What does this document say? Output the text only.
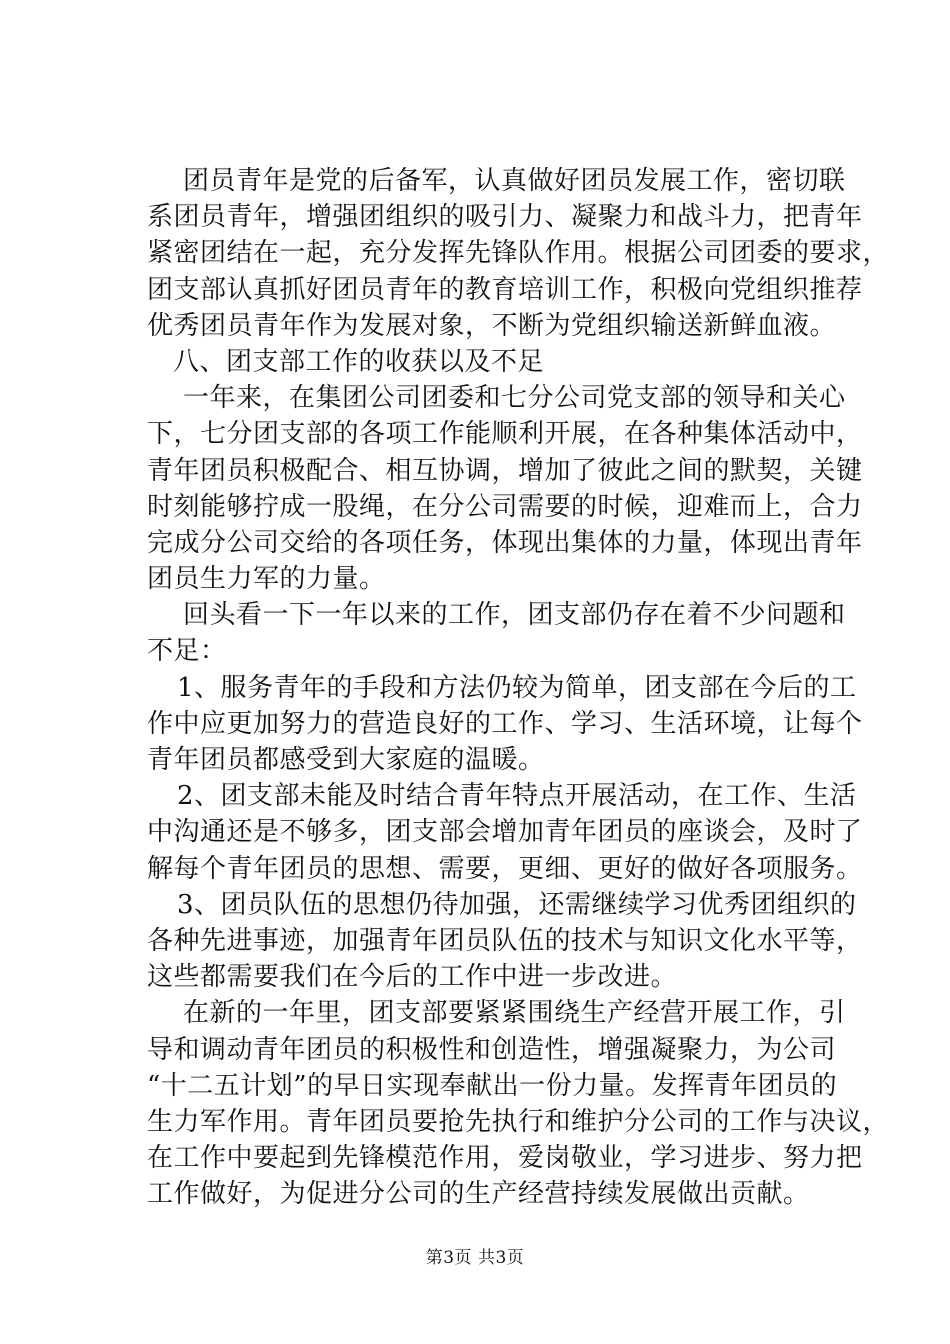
团员青年是党的后备军，认真做好团员发展工作，密切联
系团员青年，增强团组织的吸引力、凝聚力和战斗力，把青年
紧密团结在一起，充分发挥先锋队作用。根据公司团委的要求，
团支部认真抓好团员青年的教育培训工作，积极向党组织推荐
优秀团员青年作为发展对象，不断为党组织输送新鲜血液。
八、团支部工作的收获以及不足
一年来，在集团公司团委和七分公司党支部的领导和关心
下，七分团支部的各项工作能顺利开展，在各种集体活动中，
青年团员积极配合、相互协调，增加了彼此之间的默契，关键
时刻能够拧成一股绳，在分公司需要的时候，迎难而上，合力
完成分公司交给的各项任务，体现出集体的力量，体现出青年
团员生力军的力量。
回头看一下一年以来的工作，团支部仍存在着不少问题和
不足：
1、服务青年的手段和方法仍较为简单，团支部在今后的工
作中应更加努力的营造良好的工作、学习、生活环境，让每个
青年团员都感受到大家庭的温暖。
2、团支部未能及时结合青年特点开展活动，在工作、生活
中沟通还是不够多，团支部会增加青年团员的座谈会，及时了
解每个青年团员的思想、需要，更细、更好的做好各项服务。
3、团员队伍的思想仍待加强，还需继续学习优秀团组织的
各种先进事迹，加强青年团员队伍的技术与知识文化水平等，
这些都需要我们在今后的工作中进一步改进。
在新的一年里，团支部要紧紧围绕生产经营开展工作，引
导和调动青年团员的积极性和创造性，增强凝聚力，为公司
“十二五计划”的早日实现奉献出一份力量。发挥青年团员的
生力军作用。青年团员要抢先执行和维护分公司的工作与决议，
在工作中要起到先锋模范作用，爱岗敬业，学习进步、努力把
工作做好，为促进分公司的生产经营持续发展做出贡献。
第3页 共3页
